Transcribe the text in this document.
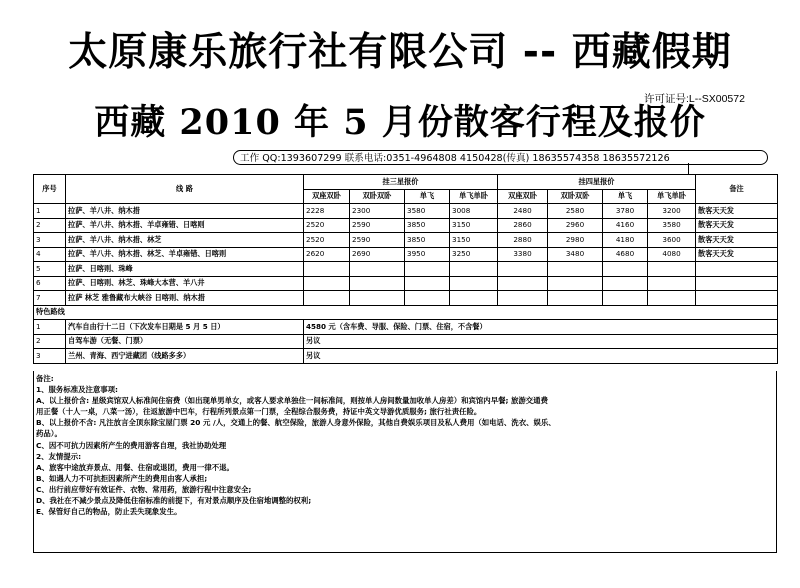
太原康乐旅行社有限公司 -- 西藏假期
许可证号:L--SX00572
西藏 2010 年 5 月份散客行程及报价
工作 QQ:1393607299 联系电话:0351-4964808 4150428(传真) 18635574358 18635572126
序号	线 路	挂三星报价				挂四星报价				备注
		双座双卧	双卧双卧	单飞	单飞单卧	双座双卧	双卧双卧	单飞	单飞单卧	
1	拉萨、羊八井、纳木措	2228	2300	3580	3008	2480	2580	3780	3200	散客天天发
2	拉萨、羊八井、纳木措、羊卓雍错、日喀则	2520	2590	3850	3150	2860	2960	4160	3580	散客天天发
3	拉萨、羊八井、纳木措、林芝	2520	2590	3850	3150	2880	2980	4180	3600	散客天天发
4	拉萨、羊八井、纳木措、林芝、羊卓雍错、日喀则	2620	2690	3950	3250	3380	3480	4680	4080	散客天天发
5	拉萨、日喀则、珠峰									
6	拉萨、日喀则、林芝、珠峰大本营、羊八井									
7	拉萨 林芝 雅鲁藏布大峡谷 日喀则、纳木措									
特色路线										
1	汽车自由行十二日（下次发车日期是 5 月 5 日）	4580 元（含车费、导服、保险、门票、住宿，不含餐）								
2	自驾车游（无餐、门票）	另议								
3	兰州、青海、西宁进藏团（线路多多）	另议								
备注:
1、服务标准及注意事项:
A、以上报价含: 星级宾馆双人标准间住宿费（如出现单男单女，或客人要求单独住一间标准间，则按单人房间数量加收单人房差）和宾馆内早餐; 旅游交通费
用正餐（十人一桌，八菜一汤），往返旅游中巴车，行程所列景点第一门票，全程综合服务费，持证中英文导游优质服务; 旅行社责任险。
B、以上报价不含: 凡注放言全顶东除宝屋门票 20 元 /人，交通上的餐、航空保险，旅游人身意外保险，其他自费娱乐项目及私人费用（如电话、洗衣、娱乐、
药品）。
C、因不可抗力因素所产生的费用游客自理，我社协助处理
2、友情提示:
A、旅客中途放弃景点、用餐、住宿或退团，费用一律不退。
B、如遇人力不可抗拒因素所产生的费用由客人承担;
C、出行前应带好有效证件、衣物、常用药，旅游行程中注意安全;
D、我社在不减少景点及降低住宿标准的前提下，有对景点顺序及住宿地调整的权利;
E、保管好自己的物品，防止丢失现象发生。
